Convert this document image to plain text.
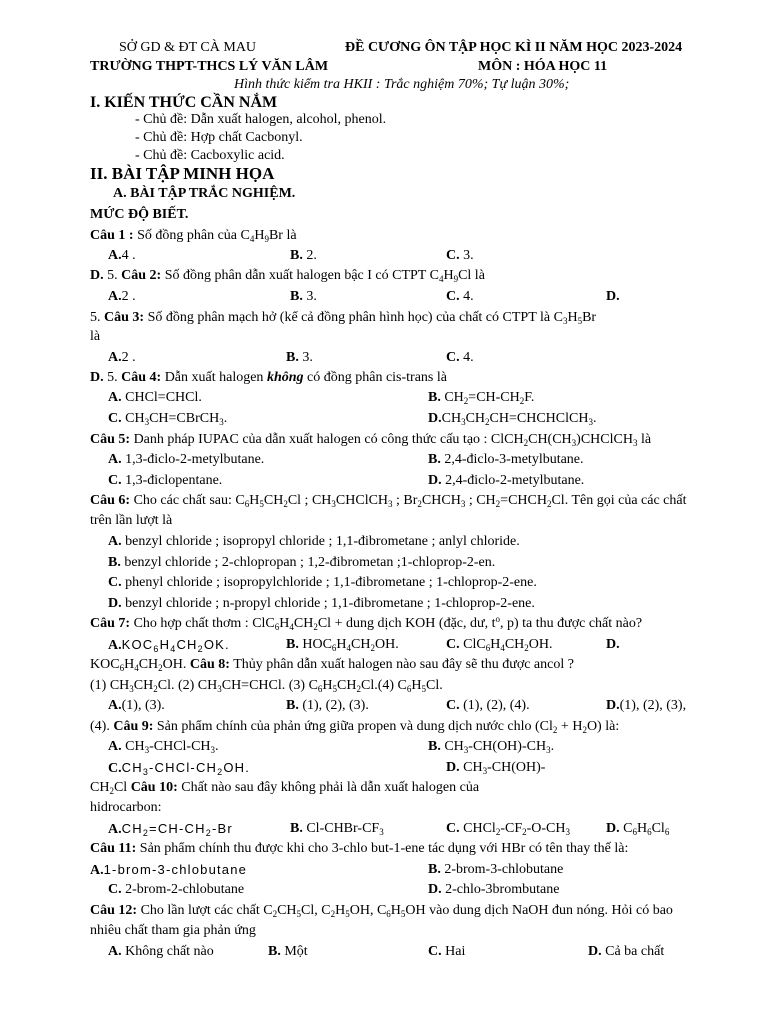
SỞ GD & ĐT CÀ MAU	ĐỀ CƯƠNG ÔN TẬP HỌC KÌ II NĂM HỌC 2023-2024
TRƯỜNG THPT-THCS LÝ VĂN LÂM	MÔN : HÓA HỌC 11
Hình thức kiểm tra HKII : Trắc nghiệm 70%; Tự luận 30%;
I. KIẾN THỨC CẦN NẮM
- Chủ đề: Dẫn xuất halogen, alcohol, phenol.
- Chủ đề: Hợp chất Cacbonyl.
- Chủ đề: Cacboxylic acid.
II. BÀI TẬP MINH HỌA
A. BÀI TẬP TRẮC NGHIỆM.
MỨC ĐỘ BIẾT.
Câu 1 : Số đồng phân của $C_4H_9Br$ là
A.4 .	B. 2.	C. 3.
D. 5. Câu 2: Số đồng phân dẫn xuất halogen bậc I có CTPT $C_4H_9Cl$ là
A.2 .	B. 3.	C. 4.	D.
5. Câu 3: Số đồng phân mạch hở (kể cả đồng phân hình học) của chất có CTPT là $C_3H_5Br$
là
A.2 .	B. 3.	C. 4.
D. 5. Câu 4: Dẫn xuất halogen không có đồng phân cis-trans là
A. CHCl=CHCl.	B. $CH_2=CH-CH_2F$.
C. $CH_3CH=CBrCH_3$.	$D.CH_3CH_2CH=CHCHClCH_3$.
Câu 5: Danh pháp IUPAC của dẫn xuất halogen có công thức cấu tạo : $ClCH_2CH(CH_3)CHClCH_3$ là
A. 1,3-điclo-2-metylbutane.	B. 2,4-điclo-3-metylbutane.
C. 1,3-điclopentane.	D. 2,4-điclo-2-metylbutane.
Câu 6: Cho các chất sau: $C_6H_5CH_2Cl$ ; $CH_3CHClCH_3$ ; $Br_2CHCH_3$ ; $CH_2=CHCH_2Cl$. Tên gọi của các chất
trên lần lượt là
A. benzyl chloride ; isopropyl chloride ; 1,1-đibrometane ; anlyl chloride.
B. benzyl chloride ; 2-chlopropan ; 1,2-đibrometan ;1-chloprop-2-en.
C. phenyl chloride ; isopropylchloride ; 1,1-đibrometane ; 1-chloprop-2-ene.
D. benzyl chloride ; n-propyl chloride ; 1,1-đibrometane ; 1-chloprop-2-ene.
Câu 7: Cho hợp chất thơm : $ClC_6H_4CH_2Cl$ + dung dịch KOH (đặc, dư, $t^o$, p) ta thu được chất nào?
$A.KOC_6H_4CH_2OK$.	B. $HOC_6H_4CH_2OH$.	C. $ClC_6H_4CH_2OH$.	D.
$KOC_6H_4CH_2OH$. Câu 8: Thủy phân dẫn xuất halogen nào sau đây sẽ thu được ancol ?
(1) $CH_3CH_2Cl$. (2) $CH_3CH=CHCl$. (3) $C_6H_5CH_2Cl.(4)$ $C_6H_5Cl$.
A.(1), (3).	B. (1), (2), (3).	C. (1), (2), (4).	D.(1), (2), (3),
(4). Câu 9: Sản phẩm chính của phản ứng giữa propen và dung dịch nước chlo $(Cl_2 + H_2O)$ là:
A. $CH_3-CHCl-CH_3$.	B. $CH_3-CH(OH)-CH_3$.
$C.CH_3-CHCl-CH_2OH$.	D. $CH_3-CH(OH)-$
$CH_2Cl$ Câu 10: Chất nào sau đây không phải là dẫn xuất halogen của
hidrocarbon:
$A.CH_2=CH-CH_2-Br$	B. $Cl-CHBr-CF_3$	C. $CHCl_2-CF_2-O-CH_3$	D. $C_6H_6Cl_6$
Câu 11: Sản phẩm chính thu được khi cho 3-chlo but-1-ene tác dụng với HBr có tên thay thế là:
A.1-brom-3-chlobutane	B. 2-brom-3-chlobutane
C. 2-brom-2-chlobutane	D. 2-chlo-3brombutane
Câu 12: Cho lần lượt các chất $C_2CH_5Cl$, $C_2H_5OH$, $C_6H_5OH$ vào dung dịch NaOH đun nóng. Hỏi có bao
nhiêu chất tham gia phản ứng
A. Không chất nào	B. Một	C. Hai	D. Cả ba chất
